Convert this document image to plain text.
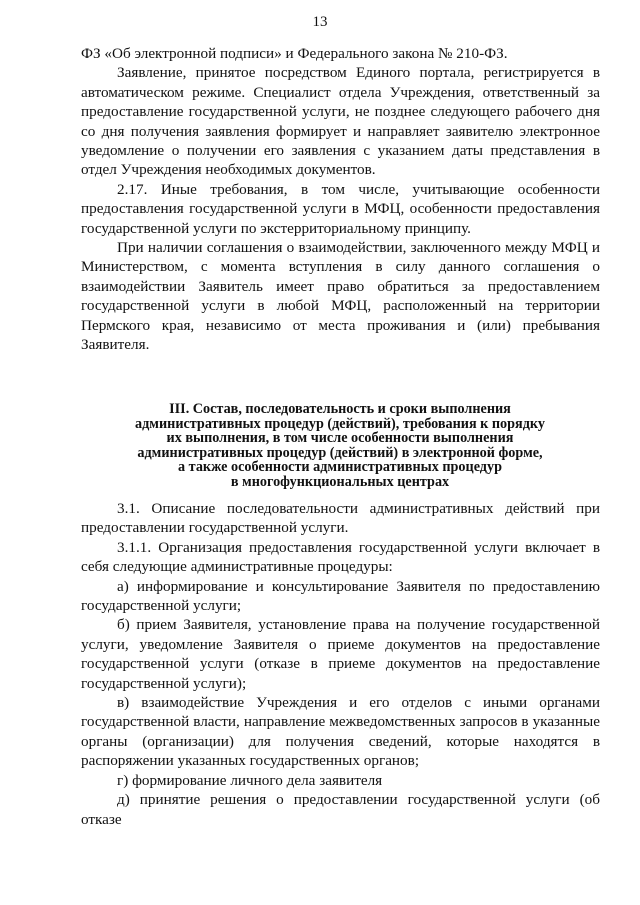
13

ФЗ «Об электронной подписи» и Федерального закона № 210-ФЗ.

Заявление, принятое посредством Единого портала, регистрируется в автоматическом режиме. Специалист отдела Учреждения, ответственный за предоставление государственной услуги, не позднее следующего рабочего дня со дня получения заявления формирует и направляет заявителю электронное уведомление о получении его заявления с указанием даты представления в отдел Учреждения необходимых документов.

2.17. Иные требования, в том числе, учитывающие особенности предоставления государственной услуги в МФЦ, особенности предоставления государственной услуги по экстерриториальному принципу.

При наличии соглашения о взаимодействии, заключенного между МФЦ и Министерством, с момента вступления в силу данного соглашения о взаимодействии Заявитель имеет право обратиться за предоставлением государственной услуги в любой МФЦ, расположенный на территории Пермского края, независимо от места проживания и (или) пребывания Заявителя.

III. Состав, последовательность и сроки выполнения
административных процедур (действий), требования к порядку
их выполнения, в том числе особенности выполнения
административных процедур (действий) в электронной форме,
а также особенности административных процедур
в многофункциональных центрах

3.1. Описание последовательности административных действий при предоставлении государственной услуги.

3.1.1. Организация предоставления государственной услуги включает в себя следующие административные процедуры:

а) информирование и консультирование Заявителя по предоставлению государственной услуги;

б) прием Заявителя, установление права на получение государственной услуги, уведомление Заявителя о приеме документов на предоставление государственной услуги (отказе в приеме документов на предоставление государственной услуги);

в) взаимодействие Учреждения и его отделов с иными органами государственной власти, направление межведомственных запросов в указанные органы (организации) для получения сведений, которые находятся в распоряжении указанных государственных органов;

г) формирование личного дела заявителя

д) принятие решения о предоставлении государственной услуги (об отказе
